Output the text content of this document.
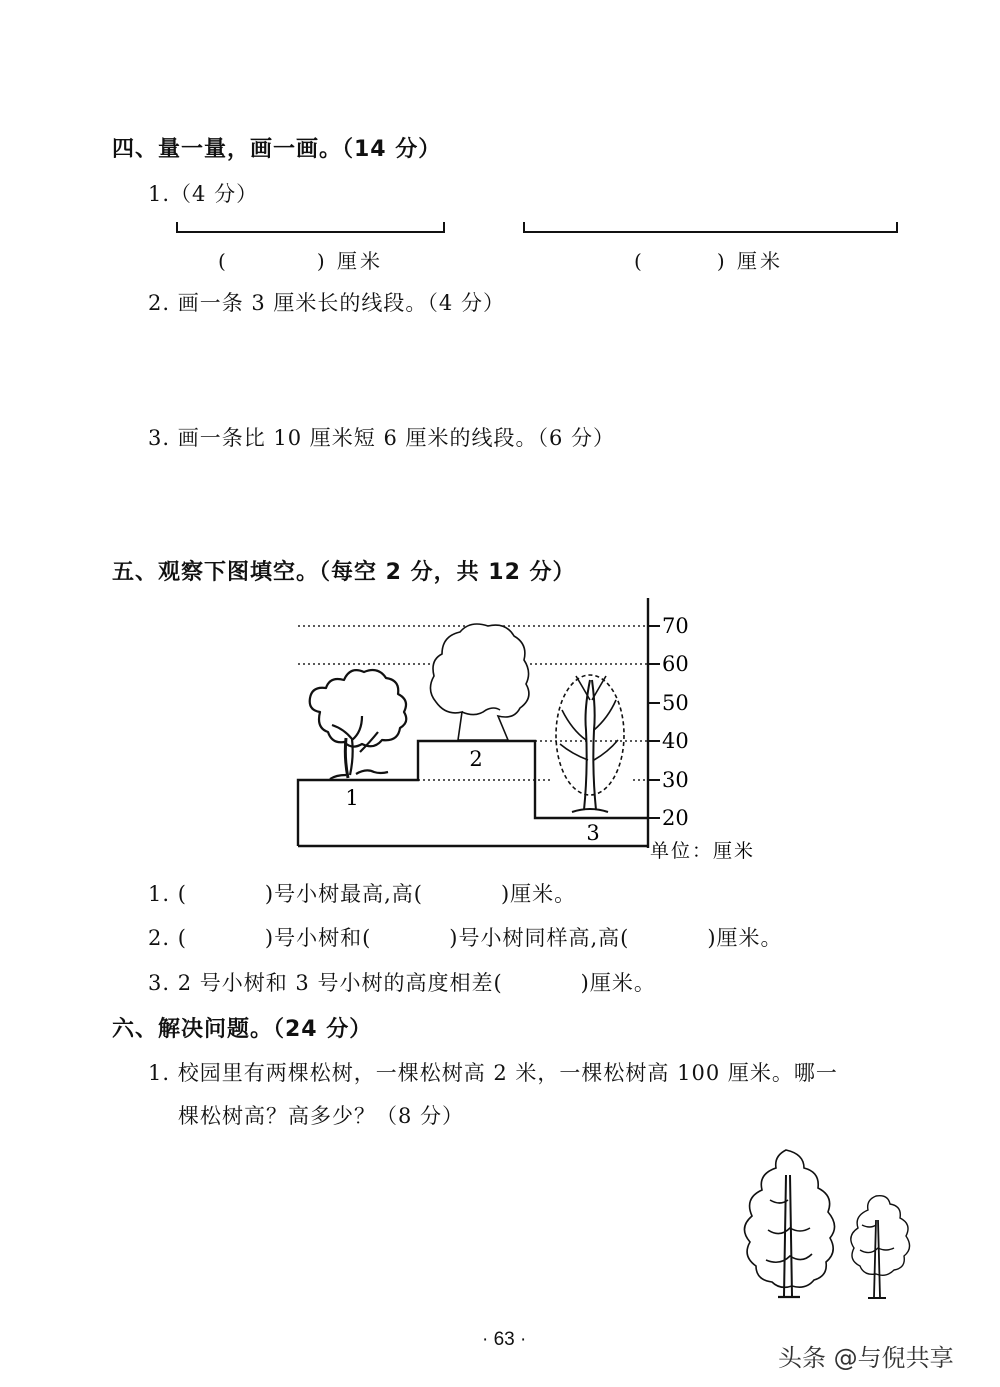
四、量一量，画一画。（14 分）
1.（4 分）
(	) 厘米	(	) 厘米
2. 画一条 3 厘米长的线段。（4 分）
3. 画一条比 10 厘米短 6 厘米的线段。（6 分）
五、观察下图填空。（每空 2 分，共 12 分）
1
2
3
70
60
50
40
30
20
单位：厘米
1. (	)号小树最高,高(	)厘米。
2. (	)号小树和(	)号小树同样高,高(	)厘米。
3. 2 号小树和 3 号小树的高度相差(	)厘米。
六、解决问题。（24 分）
1. 校园里有两棵松树，一棵松树高 2 米，一棵松树高 100 厘米。哪一
棵松树高？高多少？（8 分）
· 63 ·
头条 @与倪共享
